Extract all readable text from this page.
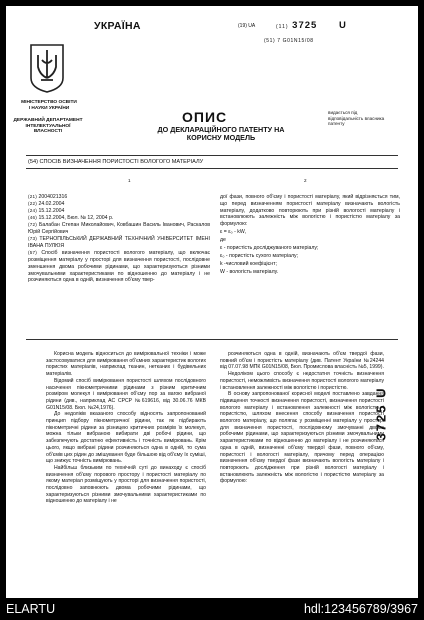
УКРАЇНА	(19) UA	(11) 3725 U
(51) 7 G01N15/08
МІНІСТЕРСТВО ОСВІТИ І НАУКИ УКРАЇНИ
ДЕРЖАВНИЙ ДЕПАРТАМЕНТ ІНТЕЛЕКТУАЛЬНОЇ ВЛАСНОСТІ
ОПИС
ДО ДЕКЛАРАЦІЙНОГО ПАТЕНТУ НА КОРИСНУ МОДЕЛЬ
видається під відповідальність власника патенту
(54) СПОСІБ ВИЗНАЧЕННЯ ПОРИСТОСТІ ВОЛОГОГО МАТЕРІАЛУ
1	2

(21) 2004021316

(22) 24.02.2004

(24) 15.12.2004

(46) 15.12.2004, Бюл. № 12, 2004 р.

(72) Балабан Степан Миколайович, Ковбашин Василь Іванович, Раскалов Юрій Сергійович

(73) ТЕРНОПІЛЬСЬКИЙ ДЕРЖАВНИЙ ТЕХНІЧНИЙ УНІВЕРСИТЕТ ІМЕНІ ІВАНА ПУЛЮЯ

(57) Спосіб визначення пористості вологого матеріалу, що включає розміщення матеріалу у просторі для визначення пористості, послідовне зменшення двома робочими рідинами, що характеризуються різними змочувальними характеристиками по відношенню до матеріалу і не розчиняються одна в одній, визначення об'єму твер-

дої фази, повного об'єму і пористості матеріалу, який відрізняється тим, що перед визначенням пористості матеріалу визначають вологість матеріалу, додатково повторюють при різній вологості матеріалу і встановлюють залежність між вологістю і пористістю матеріалу за формулою:

ε = ε₀ - kW,

де

ε - пористість досліджуваного матеріалу;

ε₀ - пористість сухого матеріалу;

k -числовий коефіцієнт;

W - вологість матеріалу.

Корисна модель відноситься до вимірювальної техніки і може застосовуватися для вимірювання об'ємних характеристик вологих пористих матеріалів, наприклад тканин, нетканих і будівельних матеріалів.

Відомий спосіб вимірювання пористості шляхом послідовного насичення пікнометричними рідинами з різним критичним розміром молекул і вимірювання об'єму пор за вагою вибраної рідини (див., наприклад АС СРСР №619616, від 30.06.76 МКВ G01N15/08. Бюл. №24,1976).

До недоліків вказаного способу відносять запропонований принцип підбору пікнометричної рідини, так як підбирають пікнометричні рідини за різницею критичних розмірів їх молекул, можна тільки вибраною вибирати дві робочі рідини, що забезпечують достатню ефективність і точність вимірювань. Крім цього, якщо вибрані рідини розчиняються одна в одній, то сума об'ємів цих рідин до змішування буде більшою від об'єму їх суміші, що знижує точність вимірювань.

Найбільш близьким по технічній суті до винаходу є спосіб визначення об'єму порового простору і пористості матеріалу по якому матеріал розміщують у просторі для визначення пористості, послідовно заповнюють двома робочими рідинами, що характеризуються різними змочувальними характеристиками по відношенню до матеріалу і не

розчиняються одна в одній, визначають об'єм твердої фази, повний об'єм і пористість матеріалу (див. Патент України №24244 від 07.07.98 МПК G01N15/08, Бюл. Промислова власність №5, 1999).

Недоліком цього способу є недостатня точність визначення пористості, неможливість визначення пористості вологого матеріалу і встановлення залежності між вологістю і пористістю.

В основу запропонованої корисної моделі поставлено завдання підвищення точності визначення пористості, визначення пористості вологого матеріалу і встановлення залежності між вологістю і пористістю, шляхом внесення способу визначення пористості вологого матеріалу, що полягає у розміщенні матеріалу у просторі для визначення пористості, послідовному змочуванні двома робочими рідинами, що характеризуються різними змочувальними характеристиками по відношенню до матеріалу і не розчиняються одна в одній, визначенні об'єму твердої фази, повного об'єму, пористості і вологості матеріалу, причому перед операцією визначення об'єму твердої фази визначають вологість матеріалу і повторюють дослідження при різній вологості матеріалу і встановлюють залежність між вологістю і пористістю матеріалу за формулою:

3725 U
ELARTU	hdl:123456789/3967
